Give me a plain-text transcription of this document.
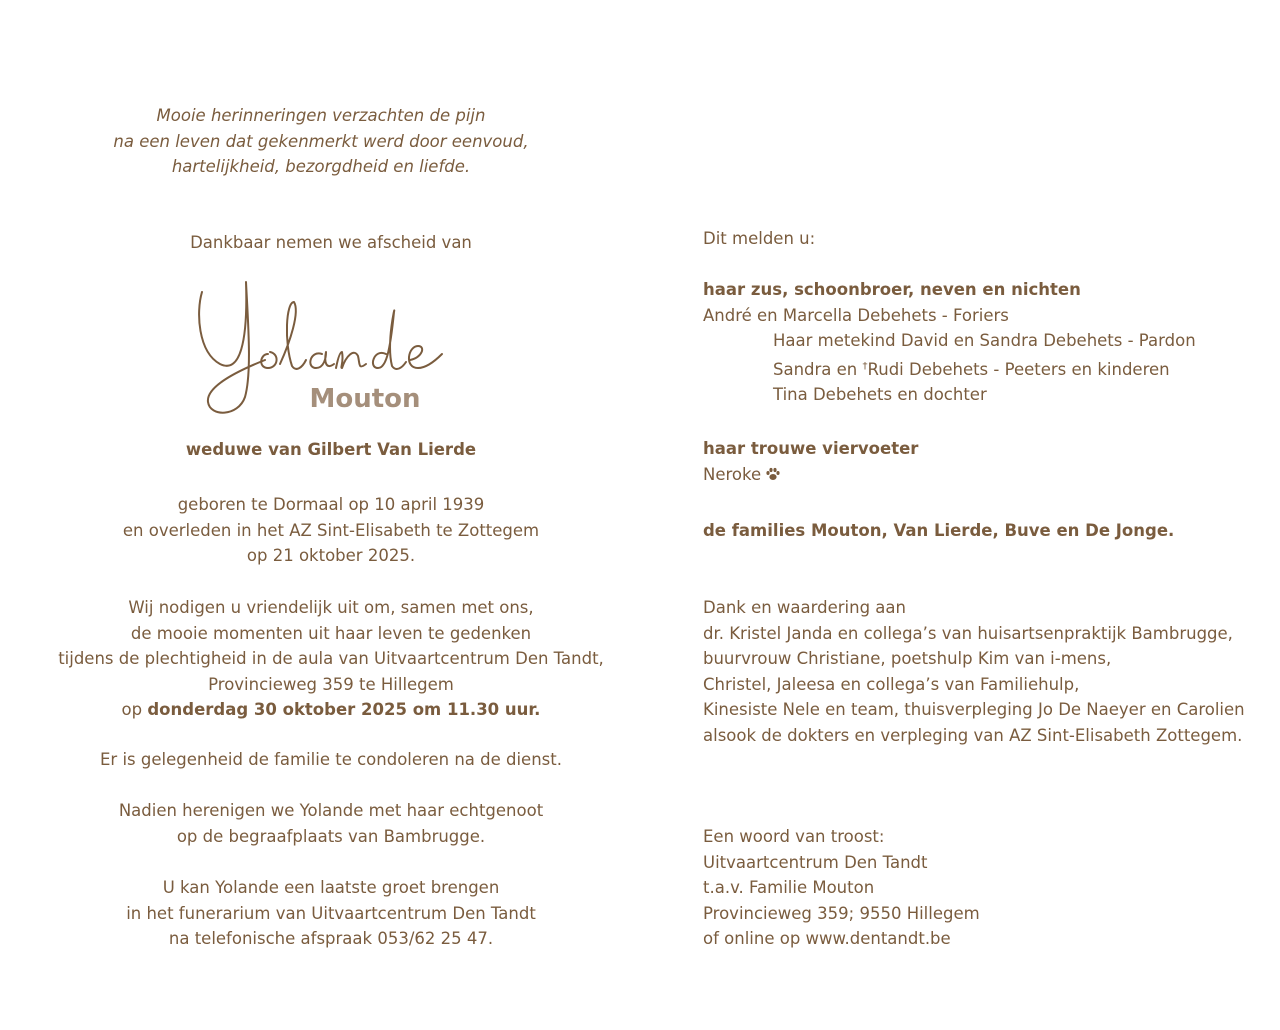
Mooie herinneringen verzachten de pijn
na een leven dat gekenmerkt werd door eenvoud,
hartelijkheid, bezorgdheid en liefde.
Dankbaar nemen we afscheid van
Mouton
weduwe van Gilbert Van Lierde
geboren te Dormaal op 10 april 1939
en overleden in het AZ Sint-Elisabeth te Zottegem
op 21 oktober 2025.
Wij nodigen u vriendelijk uit om, samen met ons,
de mooie momenten uit haar leven te gedenken
tijdens de plechtigheid in de aula van Uitvaartcentrum Den Tandt,
Provincieweg 359 te Hillegem
op donderdag 30 oktober 2025 om 11.30 uur.
Er is gelegenheid de familie te condoleren na de dienst.
Nadien herenigen we Yolande met haar echtgenoot
op de begraafplaats van Bambrugge.
U kan Yolande een laatste groet brengen
in het funerarium van Uitvaartcentrum Den Tandt
na telefonische afspraak 053/62 25 47.
Dit melden u:
haar zus, schoonbroer, neven en nichten
André en Marcella Debehets - Foriers
Haar metekind David en Sandra Debehets - Pardon
Sandra en †Rudi Debehets - Peeters en kinderen
Tina Debehets en dochter
haar trouwe viervoeter
Neroke
de families Mouton, Van Lierde, Buve en De Jonge.
Dank en waardering aan
dr. Kristel Janda en collega’s van huisartsenpraktijk Bambrugge,
buurvrouw Christiane, poetshulp Kim van i-mens,
Christel, Jaleesa en collega’s van Familiehulp,
Kinesiste Nele en team, thuisverpleging Jo De Naeyer en Carolien
alsook de dokters en verpleging van AZ Sint-Elisabeth Zottegem.
Een woord van troost:
Uitvaartcentrum Den Tandt
t.a.v. Familie Mouton
Provincieweg 359; 9550 Hillegem
of online op www.dentandt.be
